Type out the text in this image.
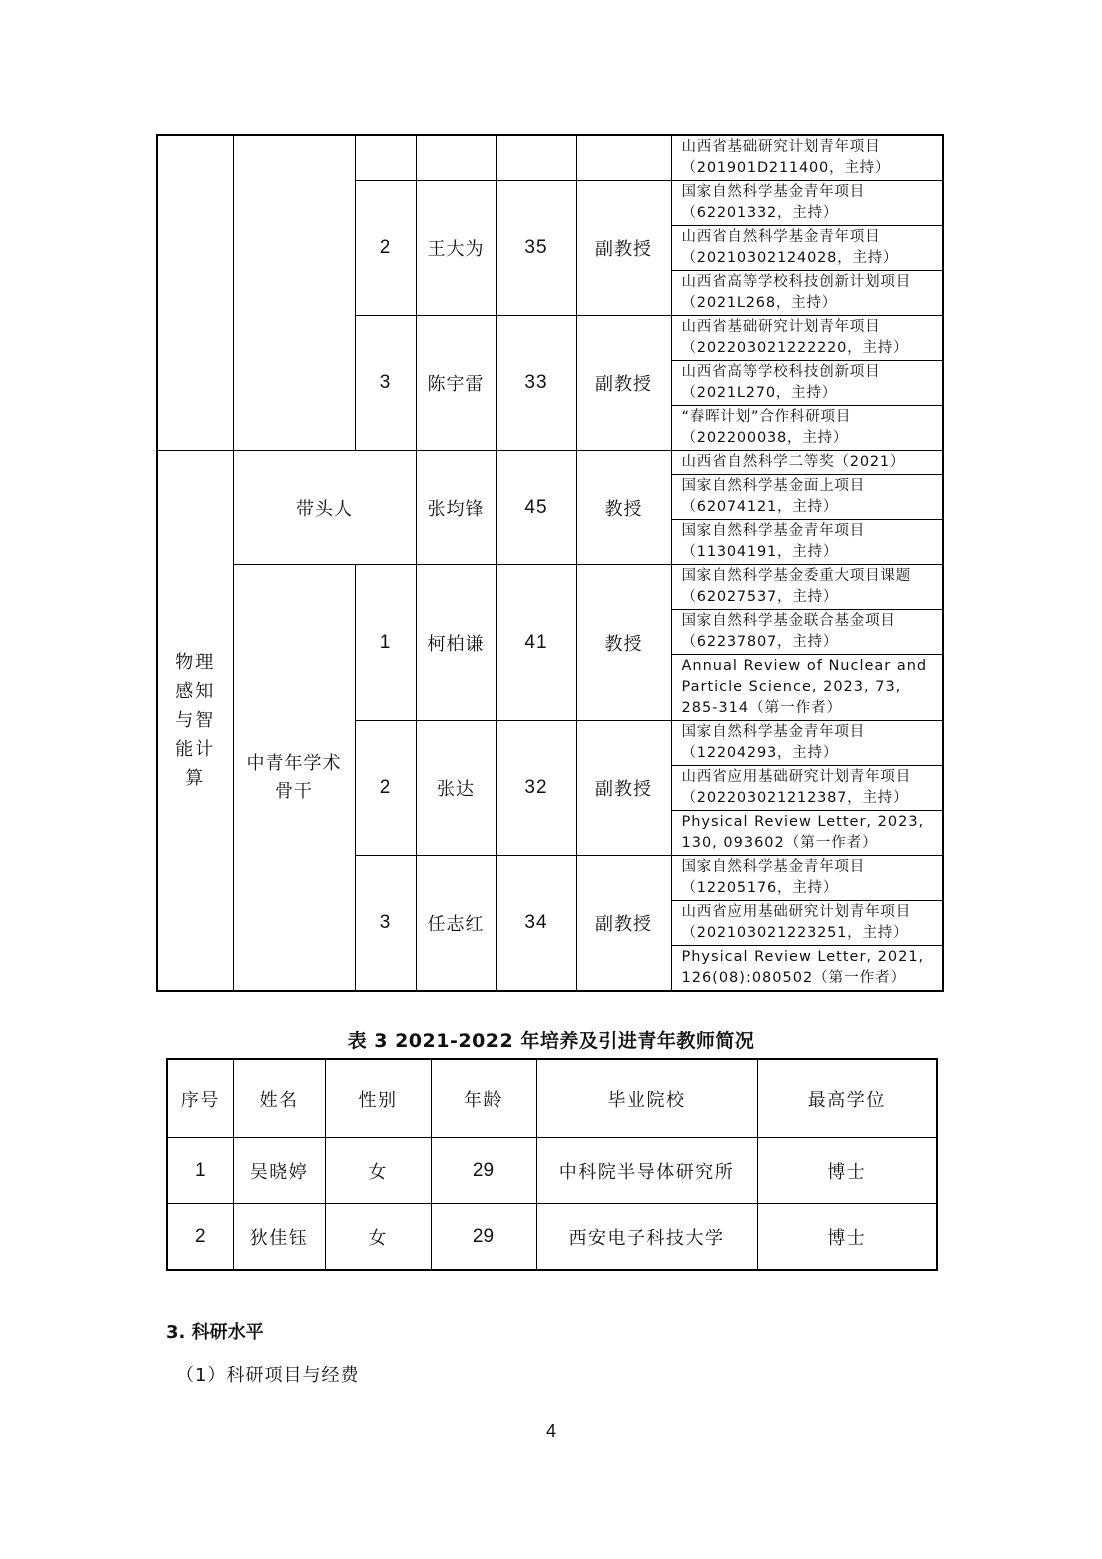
						山西省基础研究计划青年项目（201901D211400，主持）
		2	王大为	35	副教授	国家自然科学基金青年项目（62201332，主持）
						山西省自然科学基金青年项目（20210302124028，主持）
						山西省高等学校科技创新计划项目（2021L268，主持）
		3	陈宇雷	33	副教授	山西省基础研究计划青年项目（202203021222220，主持）
						山西省高等学校科技创新项目（2021L270，主持）
						“春晖计划”合作科研项目（202200038，主持）
物理感知与智能计算	带头人		张均锋	45	教授	山西省自然科学二等奖（2021）
						国家自然科学基金面上项目（62074121，主持）
						国家自然科学基金青年项目（11304191，主持）
	中青年学术骨干	1	柯柏谦	41	教授	国家自然科学基金委重大项目课题（62027537，主持）
						国家自然科学基金联合基金项目（62237807，主持）
						Annual Review of Nuclear and Particle Science, 2023, 73, 285-314（第一作者）
		2	张达	32	副教授	国家自然科学基金青年项目（12204293，主持）
						山西省应用基础研究计划青年项目（202203021212387，主持）
						Physical Review Letter, 2023, 130, 093602（第一作者）
		3	任志红	34	副教授	国家自然科学基金青年项目（12205176，主持）
						山西省应用基础研究计划青年项目（202103021223251，主持）
						Physical Review Letter, 2021, 126(08):080502（第一作者）
表 3 2021-2022 年培养及引进青年教师简况
序号	姓名	性别	年龄	毕业院校	最高学位
1	吴晓婷	女	29	中科院半导体研究所	博士
2	狄佳钰	女	29	西安电子科技大学	博士
3. 科研水平
（1）科研项目与经费
4
